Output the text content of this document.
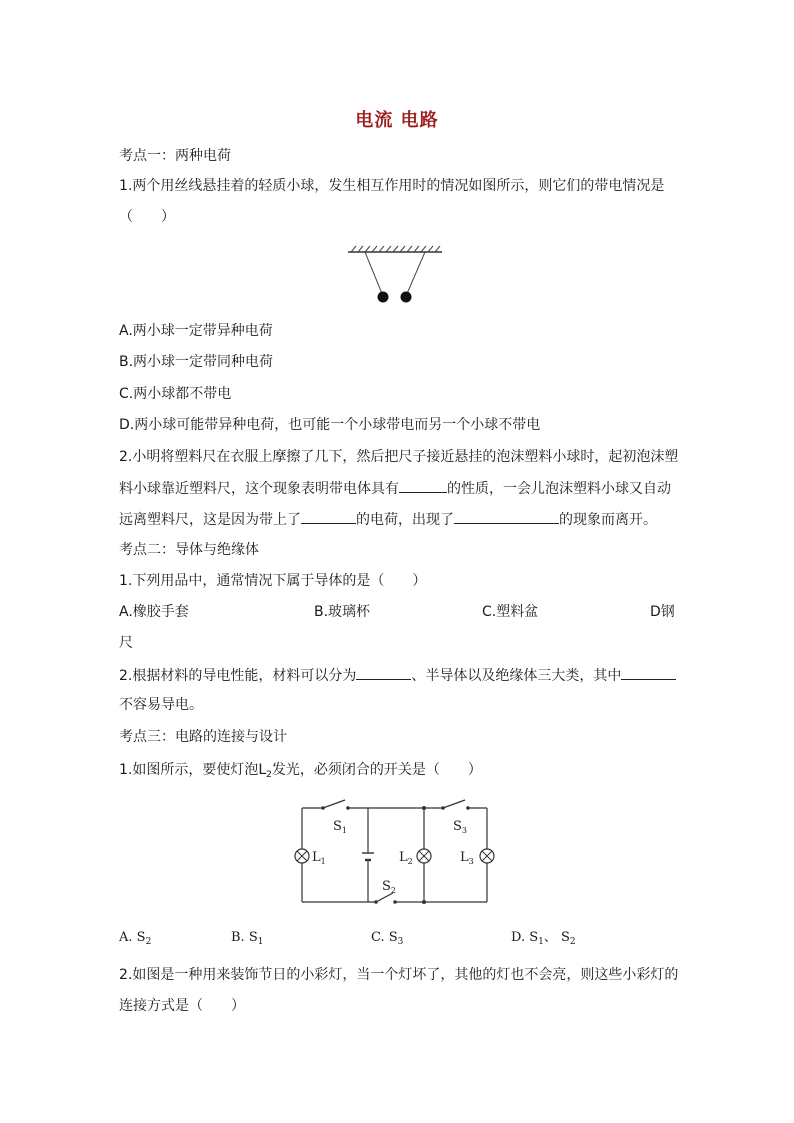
电流 电路
考点一：两种电荷
1.两个用丝线悬挂着的轻质小球，发生相互作用时的情况如图所示，则它们的带电情况是
（　　）
A.两小球一定带异种电荷
B.两小球一定带同种电荷
C.两小球都不带电
D.两小球可能带异种电荷，也可能一个小球带电而另一个小球不带电
2.小明将塑料尺在衣服上摩擦了几下，然后把尺子接近悬挂的泡沫塑料小球时，起初泡沫塑
料小球靠近塑料尺，这个现象表明带电体具有	的性质，一会儿泡沫塑料小球又自动
远离塑料尺，这是因为带上了	的电荷，出现了	的现象而离开。
考点二：导体与绝缘体
1.下列用品中，通常情况下属于导体的是（　　）
A.橡胶手套	B.玻璃杯	C.塑料盆	D钢
尺
2.根据材料的导电性能，材料可以分为	、半导体以及绝缘体三大类，其中
不容易导电。
考点三：电路的连接与设计
1.如图所示，要使灯泡$L_2$发光，必须闭合的开关是（　　）
$S_1$	$S_3$
$S_2$
$L_1$	$L_2$	$L_3$
A. $S_2$	B. $S_1$	C. $S_3$	D. $S_1$、 $S_2$
2.如图是一种用来装饰节日的小彩灯，当一个灯坏了，其他的灯也不会亮，则这些小彩灯的
连接方式是（　　）
